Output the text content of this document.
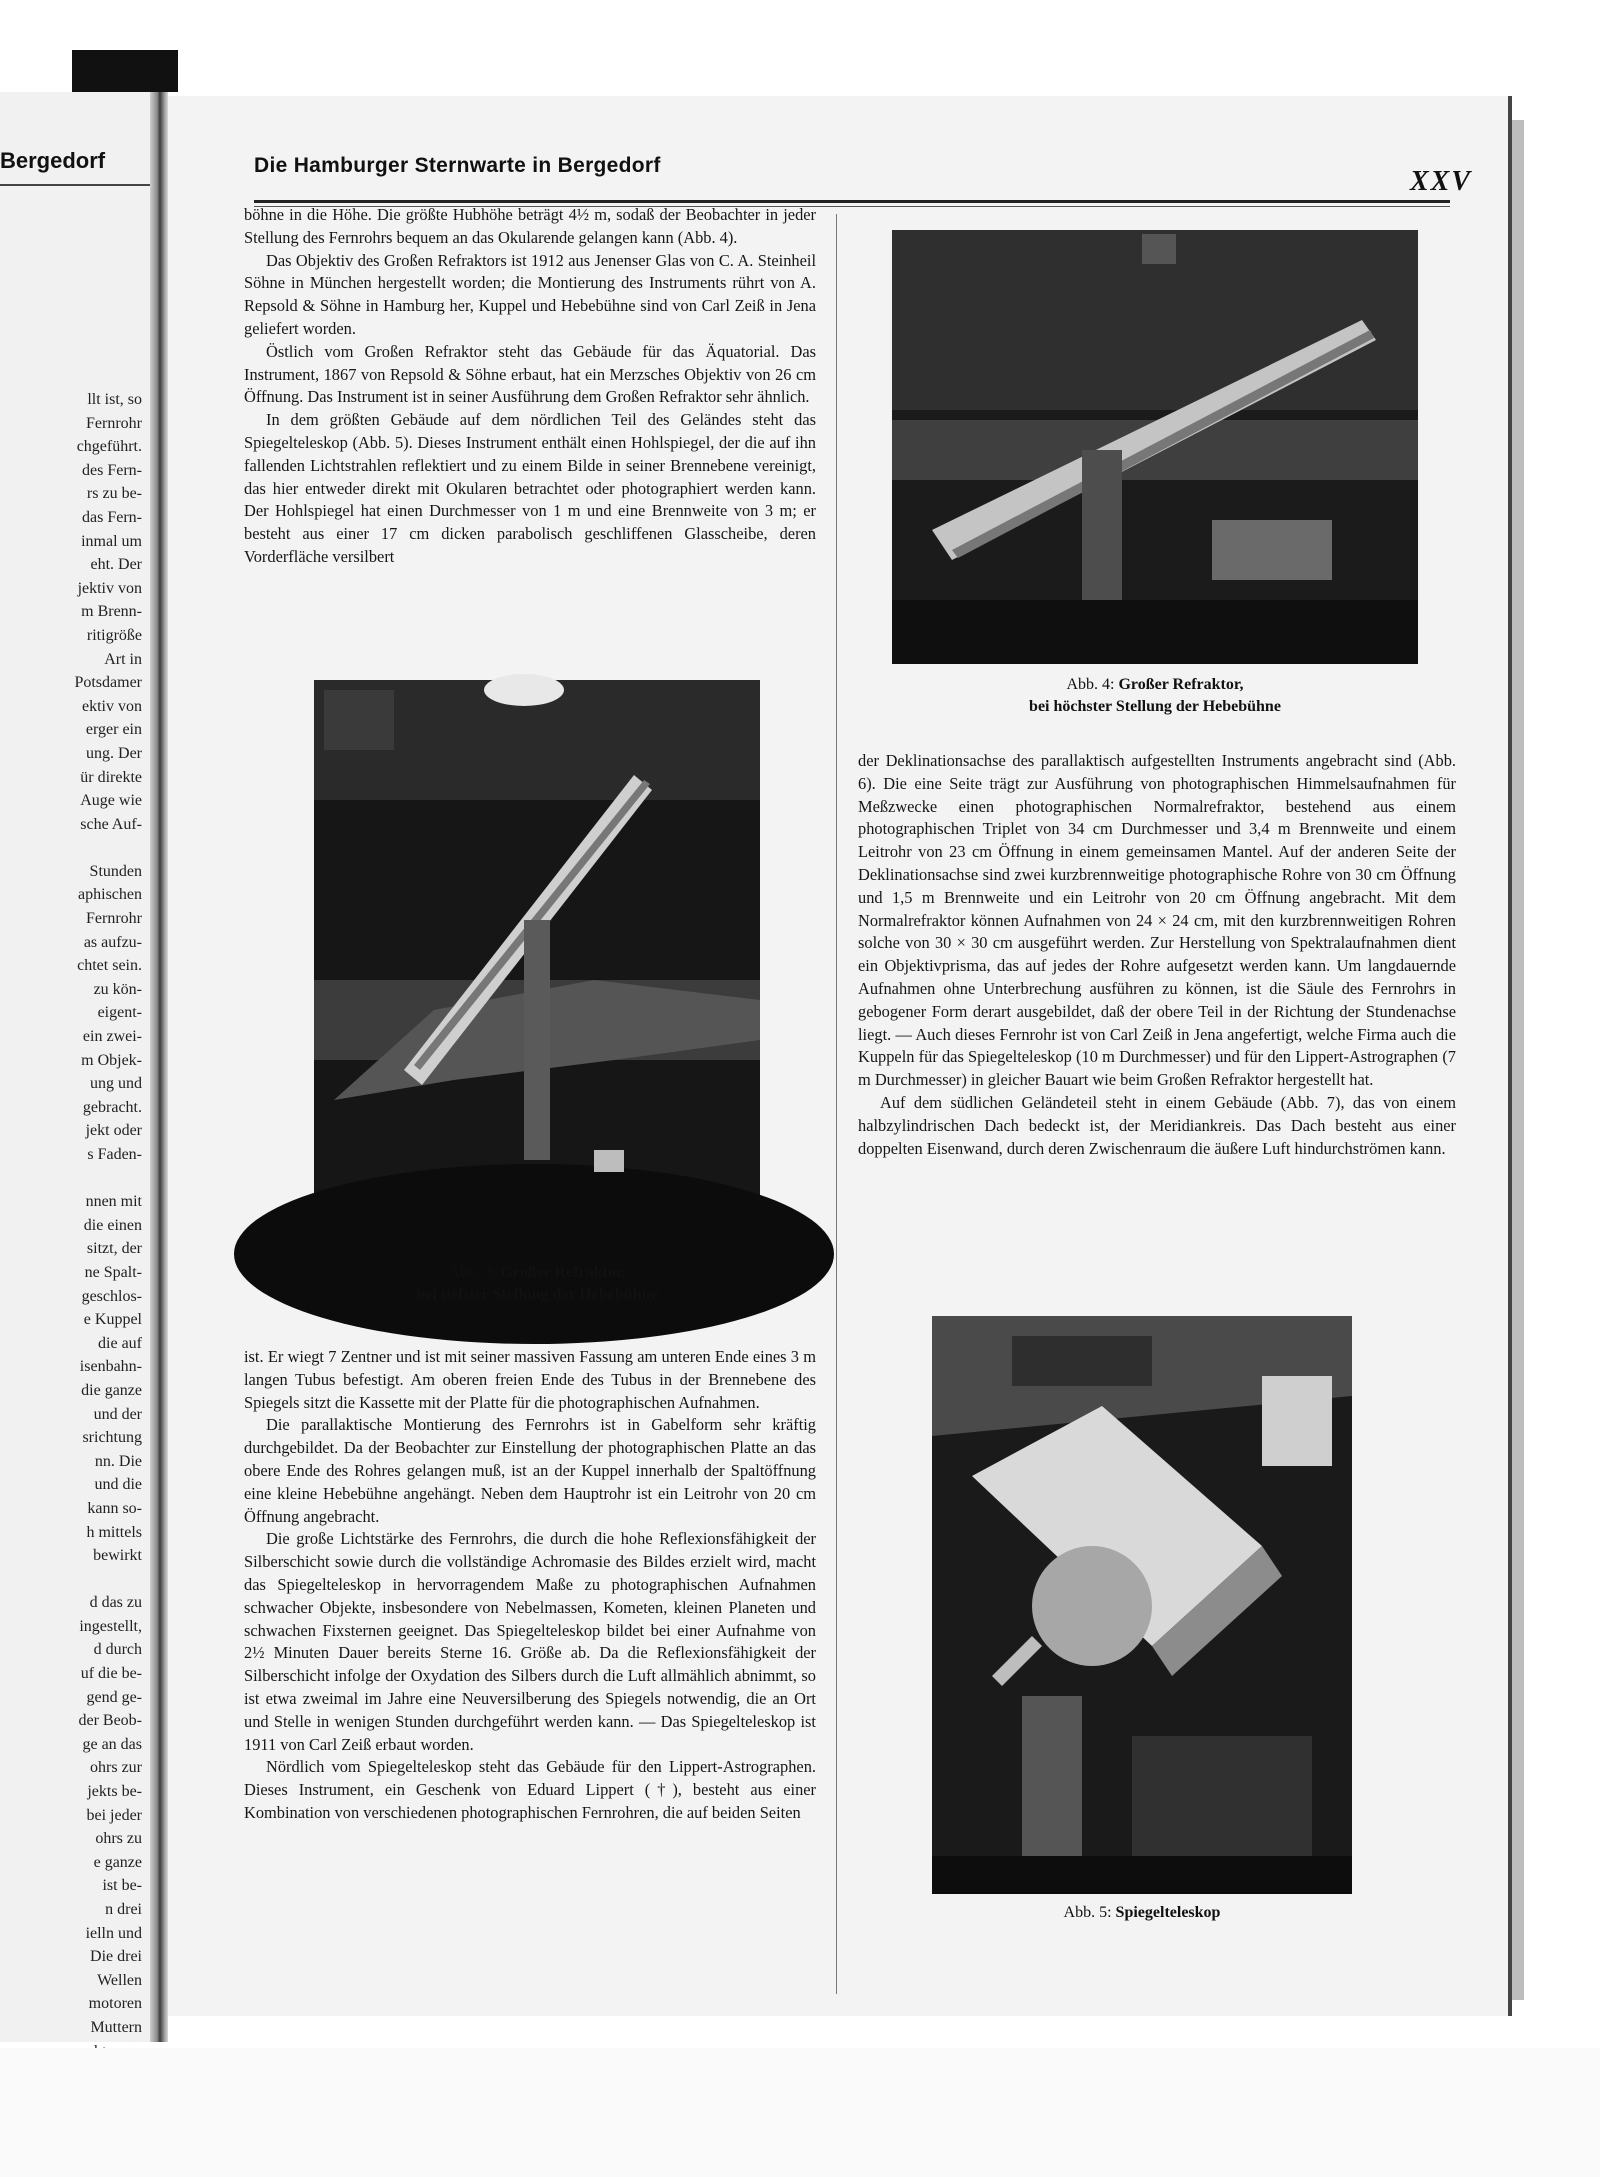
Bergedorf
llt ist, so
Fernrohr
chgeführt.
des Fern-
rs zu be-
das Fern-
inmal um
eht. Der
jektiv von
m Brenn-
ritigröße
Art in
Potsdamer
ektiv von
erger ein
ung. Der
ür direkte
Auge wie
sche Auf-
Stunden
aphischen
Fernrohr
as aufzu-
chtet sein.
zu kön-
eigent-
ein zwei-
m Objek-
ung und
gebracht.
jekt oder
s Faden-
nnen mit
die einen
sitzt, der
ne Spalt-
geschlos-
e Kuppel
die auf
isenbahn-
die ganze
und der
srichtung
nn. Die
und die
kann so-
h mittels
bewirkt
d das zu
ingestellt,
d durch
uf die be-
gend ge-
der Beob-
ge an das
ohrs zur
jekts be-
bei jeder
ohrs zu
e ganze
ist be-
n drei
ielln und
Die drei
Wellen
motoren
Muttern
Die Hamburger Sternwarte in Bergedorf
XXV

böhne in die Höhe. Die größte Hubhöhe beträgt 4½ m, sodaß der Beobachter in jeder Stellung des Fernrohrs bequem an das Okularende gelangen kann (Abb. 4).

Das Objektiv des Großen Refraktors ist 1912 aus Jenenser Glas von C. A. Steinheil Söhne in München hergestellt worden; die Montierung des Instruments rührt von A. Repsold & Söhne in Hamburg her, Kuppel und Hebebühne sind von Carl Zeiß in Jena geliefert worden.

Östlich vom Großen Refraktor steht das Gebäude für das Äquatorial. Das Instrument, 1867 von Repsold & Söhne erbaut, hat ein Merzsches Objektiv von 26 cm Öffnung. Das Instrument ist in seiner Ausführung dem Großen Refraktor sehr ähnlich.

In dem größten Gebäude auf dem nördlichen Teil des Geländes steht das Spiegelteleskop (Abb. 5). Dieses Instrument enthält einen Hohlspiegel, der die auf ihn fallenden Lichtstrahlen reflektiert und zu einem Bilde in seiner Brennebene vereinigt, das hier entweder direkt mit Okularen betrachtet oder photographiert werden kann. Der Hohlspiegel hat einen Durchmesser von 1 m und eine Brennweite von 3 m; er besteht aus einer 17 cm dicken parabolisch geschliffenen Glasscheibe, deren Vorderfläche versilbert

Abb. 3: Großer Refraktor,
bei tiefster Stellung der Hebebühne

ist. Er wiegt 7 Zentner und ist mit seiner massiven Fassung am unteren Ende eines 3 m langen Tubus befestigt. Am oberen freien Ende des Tubus in der Brennebene des Spiegels sitzt die Kassette mit der Platte für die photographischen Aufnahmen.

Die parallaktische Montierung des Fernrohrs ist in Gabelform sehr kräftig durchgebildet. Da der Beobachter zur Einstellung der photographischen Platte an das obere Ende des Rohres gelangen muß, ist an der Kuppel innerhalb der Spaltöffnung eine kleine Hebebühne angehängt. Neben dem Hauptrohr ist ein Leitrohr von 20 cm Öffnung angebracht.

Die große Lichtstärke des Fernrohrs, die durch die hohe Reflexionsfähigkeit der Silberschicht sowie durch die vollständige Achromasie des Bildes erzielt wird, macht das Spiegelteleskop in hervorragendem Maße zu photographischen Aufnahmen schwacher Objekte, insbesondere von Nebelmassen, Kometen, kleinen Planeten und schwachen Fixsternen geeignet. Das Spiegelteleskop bildet bei einer Aufnahme von 2½ Minuten Dauer bereits Sterne 16. Größe ab. Da die Reflexionsfähigkeit der Silberschicht infolge der Oxydation des Silbers durch die Luft allmählich abnimmt, so ist etwa zweimal im Jahre eine Neuversilberung des Spiegels notwendig, die an Ort und Stelle in wenigen Stunden durchgeführt werden kann. — Das Spiegelteleskop ist 1911 von Carl Zeiß erbaut worden.

Nördlich vom Spiegelteleskop steht das Gebäude für den Lippert-Astrographen. Dieses Instrument, ein Geschenk von Eduard Lippert (†), besteht aus einer Kombination von verschiedenen photographischen Fernrohren, die auf beiden Seiten

Abb. 4: Großer Refraktor,
bei höchster Stellung der Hebebühne

der Deklinationsachse des parallaktisch aufgestellten Instruments angebracht sind (Abb. 6). Die eine Seite trägt zur Ausführung von photographischen Himmelsaufnahmen für Meßzwecke einen photographischen Normalrefraktor, bestehend aus einem photographischen Triplet von 34 cm Durchmesser und 3,4 m Brennweite und einem Leitrohr von 23 cm Öffnung in einem gemeinsamen Mantel. Auf der anderen Seite der Deklinationsachse sind zwei kurzbrennweitige photographische Rohre von 30 cm Öffnung und 1,5 m Brennweite und ein Leitrohr von 20 cm Öffnung angebracht. Mit dem Normalrefraktor können Aufnahmen von 24 × 24 cm, mit den kurzbrennweitigen Rohren solche von 30 × 30 cm ausgeführt werden. Zur Herstellung von Spektralaufnahmen dient ein Objektivprisma, das auf jedes der Rohre aufgesetzt werden kann. Um langdauernde Aufnahmen ohne Unterbrechung ausführen zu können, ist die Säule des Fernrohrs in gebogener Form derart ausgebildet, daß der obere Teil in der Richtung der Stundenachse liegt. — Auch dieses Fernrohr ist von Carl Zeiß in Jena angefertigt, welche Firma auch die Kuppeln für das Spiegelteleskop (10 m Durchmesser) und für den Lippert-Astrographen (7 m Durchmesser) in gleicher Bauart wie beim Großen Refraktor hergestellt hat.

Auf dem südlichen Geländeteil steht in einem Gebäude (Abb. 7), das von einem halbzylindrischen Dach bedeckt ist, der Meridiankreis. Das Dach besteht aus einer doppelten Eisenwand, durch deren Zwischenraum die äußere Luft hindurchströmen kann.

Abb. 5: Spiegelteleskop
